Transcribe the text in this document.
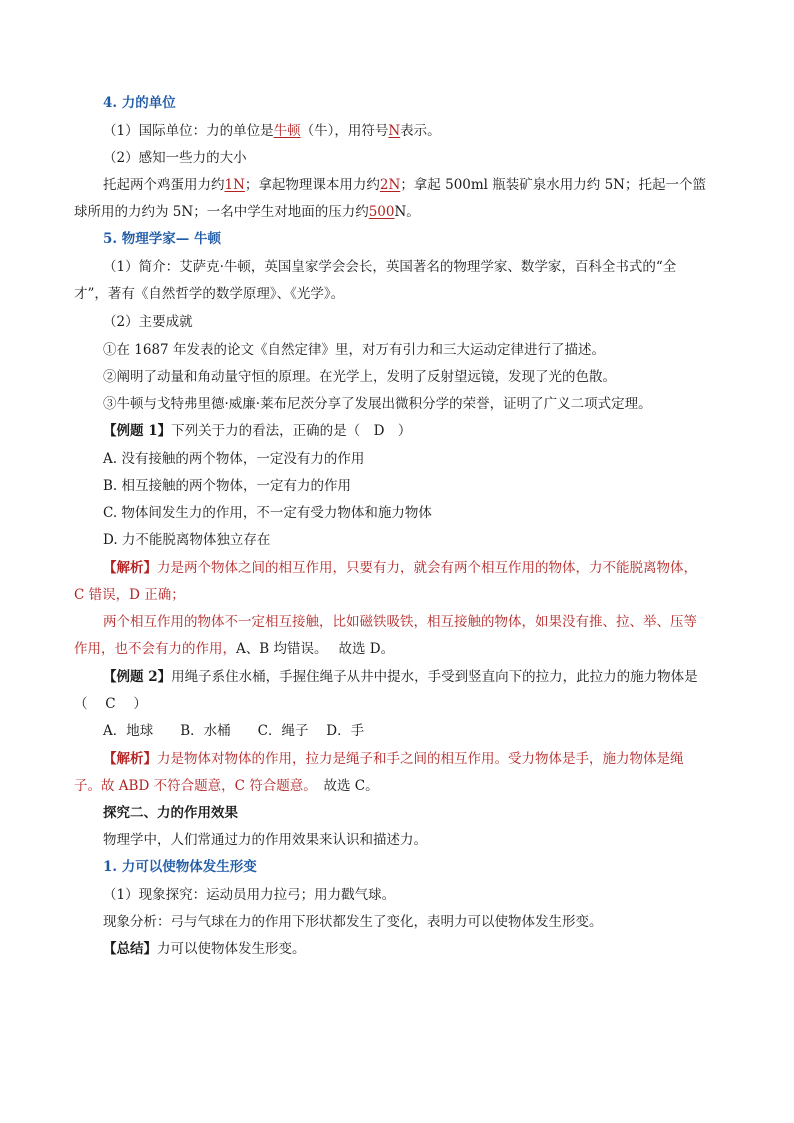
4. 力的单位
（1）国际单位：力的单位是牛顿（牛），用符号N表示。
（2）感知一些力的大小
托起两个鸡蛋用力约1N；拿起物理课本用力约2N；拿起 500ml 瓶装矿泉水用力约 5N；托起一个篮
球所用的力约为 5N；一名中学生对地面的压力约500N。
5. 物理学家— 牛顿
（1）简介：艾萨克·牛顿，英国皇家学会会长，英国著名的物理学家、数学家，百科全书式的“全
才”，著有《自然哲学的数学原理》、《光学》。
（2）主要成就
①在 1687 年发表的论文《自然定律》里，对万有引力和三大运动定律进行了描述。
②阐明了动量和角动量守恒的原理。在光学上，发明了反射望远镜，发现了光的色散。
③牛顿与戈特弗里德·威廉·莱布尼茨分享了发展出微积分学的荣誉，证明了广义二项式定理。
【例题 1】下列关于力的看法，正确的是（　D　）
A. 没有接触的两个物体，一定没有力的作用
B. 相互接触的两个物体，一定有力的作用
C. 物体间发生力的作用，不一定有受力物体和施力物体
D. 力不能脱离物体独立存在
【解析】力是两个物体之间的相互作用，只要有力，就会有两个相互作用的物体，力不能脱离物体，
C 错误，D 正确；
两个相互作用的物体不一定相互接触，比如磁铁吸铁，相互接触的物体，如果没有推、拉、举、压等
作用，也不会有力的作用，A、B 均错误。　 故选 D。
【例题 2】用绳子系住水桶，手握住绳子从井中提水，手受到竖直向下的拉力，此拉力的施力物体是
（　 C　 ）
A．地球　　B．水桶　　C．绳子　 D．手
【解析】力是物体对物体的作用，拉力是绳子和手之间的相互作用。受力物体是手，施力物体是绳
子。故 ABD 不符合题意，C 符合题意。　故选 C。
探究二、力的作用效果
物理学中，人们常通过力的作用效果来认识和描述力。
1. 力可以使物体发生形变
（1）现象探究：运动员用力拉弓；用力戳气球。
现象分析：弓与气球在力的作用下形状都发生了变化，表明力可以使物体发生形变。
【总结】力可以使物体发生形变。
